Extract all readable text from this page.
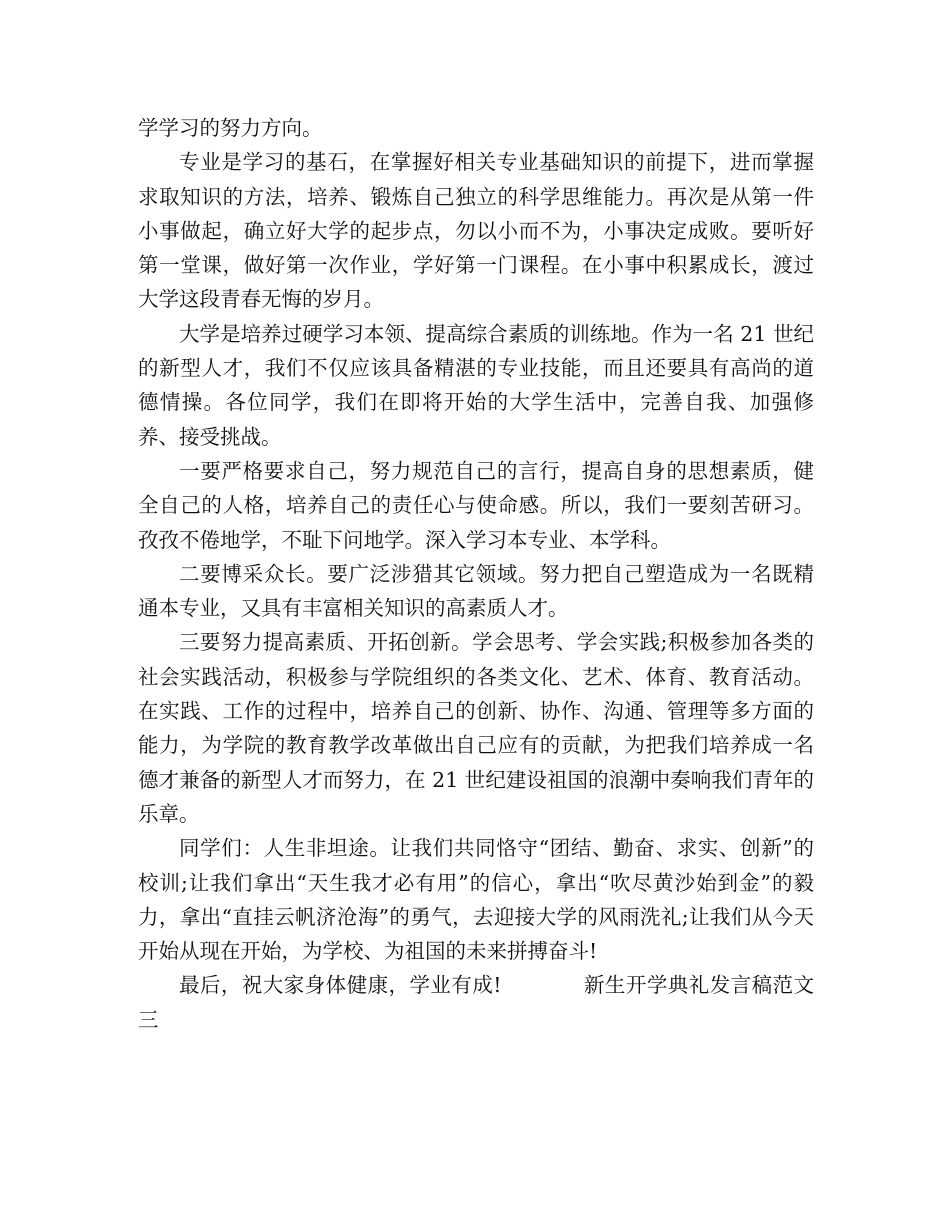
学学习的努力方向。

专业是学习的基石，在掌握好相关专业基础知识的前提下，进而掌握求取知识的方法，培养、锻炼自己独立的科学思维能力。再次是从第一件小事做起，确立好大学的起步点，勿以小而不为，小事决定成败。要听好第一堂课，做好第一次作业，学好第一门课程。在小事中积累成长，渡过大学这段青春无悔的岁月。

大学是培养过硬学习本领、提高综合素质的训练地。作为一名 21 世纪的新型人才，我们不仅应该具备精湛的专业技能，而且还要具有高尚的道德情操。各位同学，我们在即将开始的大学生活中，完善自我、加强修养、接受挑战。

一要严格要求自己，努力规范自己的言行，提高自身的思想素质，健全自己的人格，培养自己的责任心与使命感。所以，我们一要刻苦研习。孜孜不倦地学，不耻下问地学。深入学习本专业、本学科。

二要博采众长。要广泛涉猎其它领域。努力把自己塑造成为一名既精通本专业，又具有丰富相关知识的高素质人才。

三要努力提高素质、开拓创新。学会思考、学会实践;积极参加各类的社会实践活动，积极参与学院组织的各类文化、艺术、体育、教育活动。在实践、工作的过程中，培养自己的创新、协作、沟通、管理等多方面的能力，为学院的教育教学改革做出自己应有的贡献，为把我们培养成一名德才兼备的新型人才而努力，在 21 世纪建设祖国的浪潮中奏响我们青年的乐章。

同学们：人生非坦途。让我们共同恪守“团结、勤奋、求实、创新”的校训;让我们拿出“天生我才必有用”的信心，拿出“吹尽黄沙始到金”的毅力，拿出“直挂云帆济沧海”的勇气，去迎接大学的风雨洗礼;让我们从今天开始从现在开始，为学校、为祖国的未来拼搏奋斗!

最后，祝大家身体健康，学业有成!	新生开学典礼发言稿范文三
